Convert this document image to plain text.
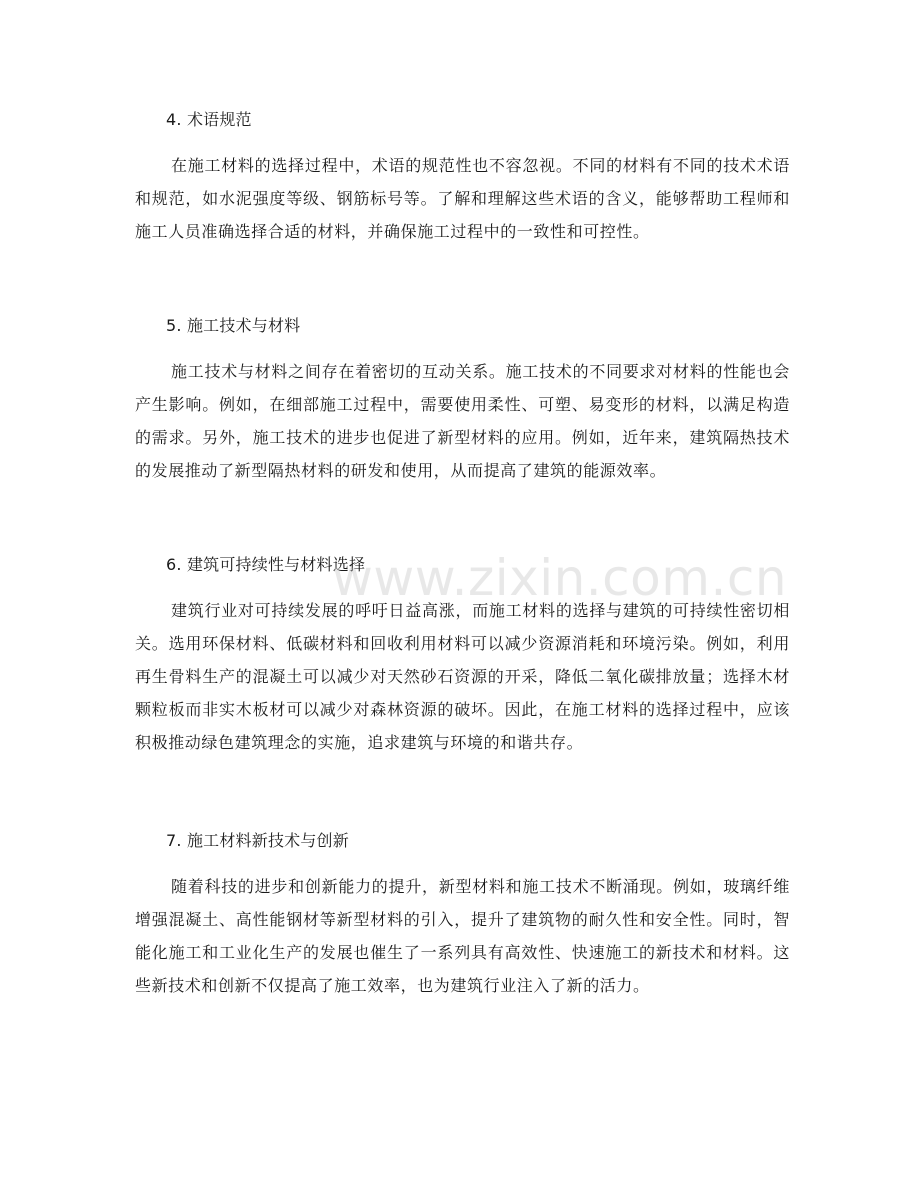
4. 术语规范

在施工材料的选择过程中，术语的规范性也不容忽视。不同的材料有不同的技术术语和规范，如水泥强度等级、钢筋标号等。了解和理解这些术语的含义，能够帮助工程师和施工人员准确选择合适的材料，并确保施工过程中的一致性和可控性。

5. 施工技术与材料

施工技术与材料之间存在着密切的互动关系。施工技术的不同要求对材料的性能也会产生影响。例如，在细部施工过程中，需要使用柔性、可塑、易变形的材料，以满足构造的需求。另外，施工技术的进步也促进了新型材料的应用。例如，近年来，建筑隔热技术的发展推动了新型隔热材料的研发和使用，从而提高了建筑的能源效率。

6. 建筑可持续性与材料选择

建筑行业对可持续发展的呼吁日益高涨，而施工材料的选择与建筑的可持续性密切相关。选用环保材料、低碳材料和回收利用材料可以减少资源消耗和环境污染。例如，利用再生骨料生产的混凝土可以减少对天然砂石资源的开采，降低二氧化碳排放量；选择木材颗粒板而非实木板材可以减少对森林资源的破坏。因此，在施工材料的选择过程中，应该积极推动绿色建筑理念的实施，追求建筑与环境的和谐共存。

7. 施工材料新技术与创新

随着科技的进步和创新能力的提升，新型材料和施工技术不断涌现。例如，玻璃纤维增强混凝土、高性能钢材等新型材料的引入，提升了建筑物的耐久性和安全性。同时，智能化施工和工业化生产的发展也催生了一系列具有高效性、快速施工的新技术和材料。这些新技术和创新不仅提高了施工效率，也为建筑行业注入了新的活力。

www.zixin.com.cn
